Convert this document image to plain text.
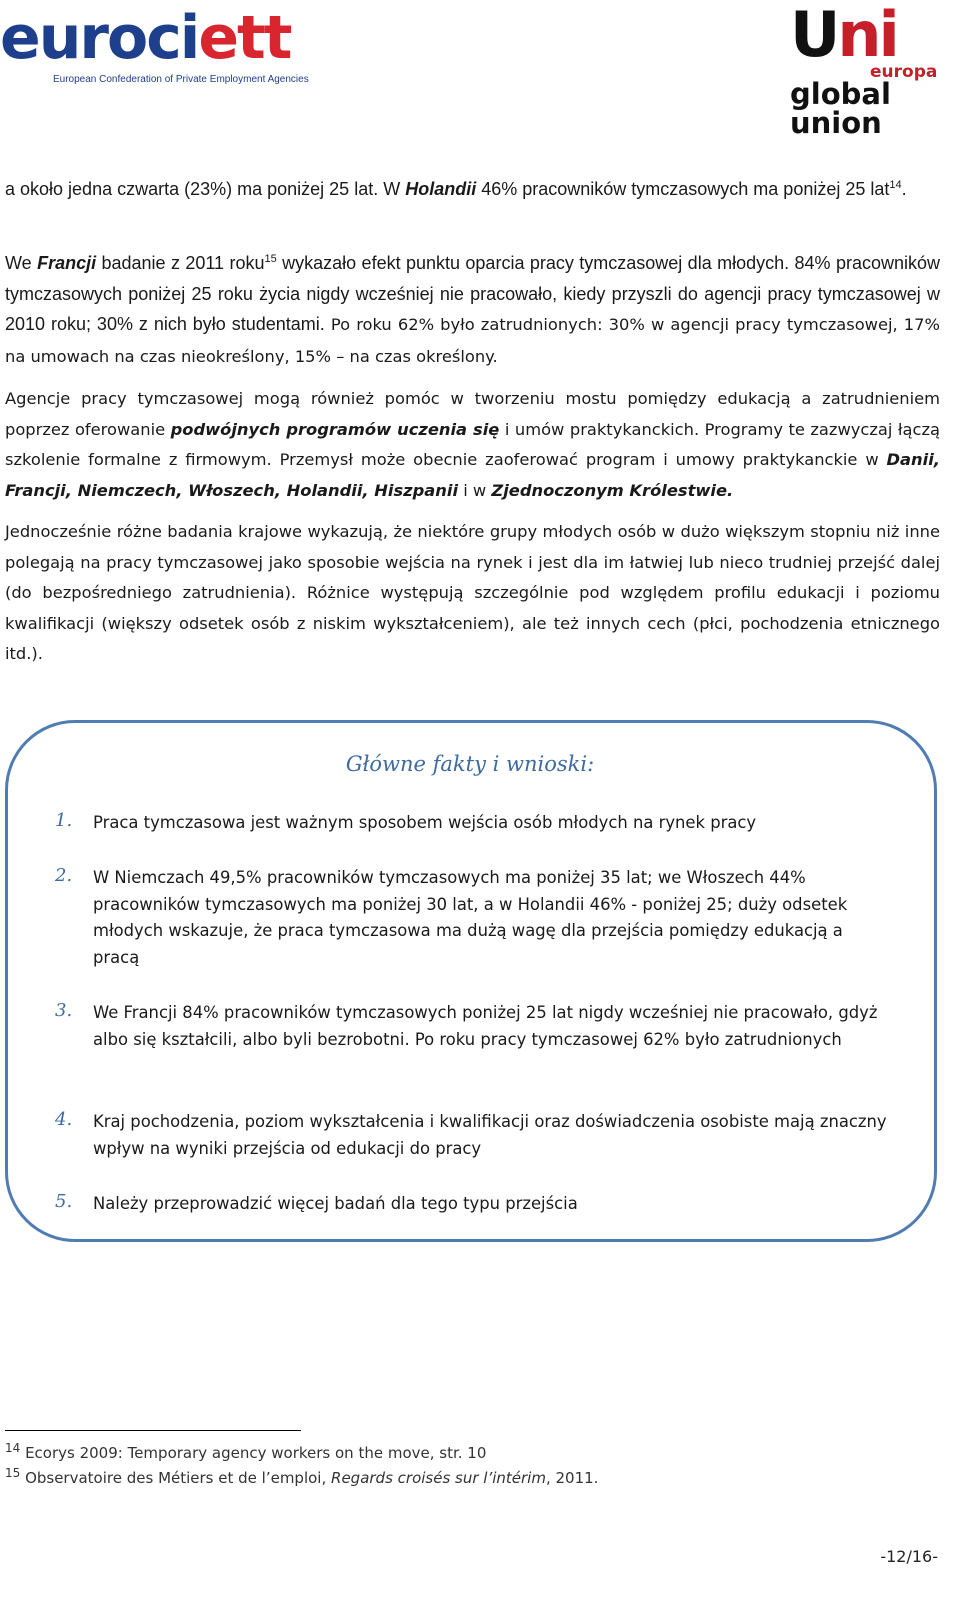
eurociett
European Confederation of Private Employment Agencies
Uni
europa
global
union

a około jedna czwarta (23%) ma poniżej 25 lat. W Holandii 46% pracowników tymczasowych ma poniżej 25 lat$^{14}$.

We Francji badanie z 2011 roku$^{15}$ wykazało efekt punktu oparcia pracy tymczasowej dla młodych. 84% pracowników tymczasowych poniżej 25 roku życia nigdy wcześniej nie pracowało, kiedy przyszli do agencji pracy tymczasowej w 2010 roku; 30% z nich było studentami. Po roku 62% było zatrudnionych: 30% w agencji pracy tymczasowej, 17% na umowach na czas nieokreślony, 15% – na czas określony.

Agencje pracy tymczasowej mogą również pomóc w tworzeniu mostu pomiędzy edukacją a zatrudnieniem poprzez oferowanie podwójnych programów uczenia się i umów praktykanckich. Programy te zazwyczaj łączą szkolenie formalne z firmowym. Przemysł może obecnie zaoferować program i umowy praktykanckie w Danii, Francji, Niemczech, Włoszech, Holandii, Hiszpanii i w Zjednoczonym Królestwie.

Jednocześnie różne badania krajowe wykazują, że niektóre grupy młodych osób w dużo większym stopniu niż inne polegają na pracy tymczasowej jako sposobie wejścia na rynek i jest dla im łatwiej lub nieco trudniej przejść dalej (do bezpośredniego zatrudnienia). Różnice występują szczególnie pod względem profilu edukacji i poziomu kwalifikacji (większy odsetek osób z niskim wykształceniem), ale też innych cech (płci, pochodzenia etnicznego itd.).

Główne fakty i wnioski:
1. Praca tymczasowa jest ważnym sposobem wejścia osób młodych na rynek pracy
2. W Niemczach 49,5% pracowników tymczasowych ma poniżej 35 lat; we Włoszech 44% pracowników tymczasowych ma poniżej 30 lat, a w Holandii 46% - poniżej 25; duży odsetek młodych wskazuje, że praca tymczasowa ma dużą wagę dla przejścia pomiędzy edukacją a pracą
3. We Francji 84% pracowników tymczasowych poniżej 25 lat nigdy wcześniej nie pracowało, gdyż albo się kształcili, albo byli bezrobotni. Po roku pracy tymczasowej 62% było zatrudnionych
4. Kraj pochodzenia, poziom wykształcenia i kwalifikacji oraz doświadczenia osobiste mają znaczny wpływ na wyniki przejścia od edukacji do pracy
5. Należy przeprowadzić więcej badań dla tego typu przejścia
$^{14}$ Ecorys 2009: Temporary agency workers on the move, str. 10
$^{15}$ Observatoire des Métiers et de l’emploi, Regards croisés sur l’intérim, 2011.
-12/16-
